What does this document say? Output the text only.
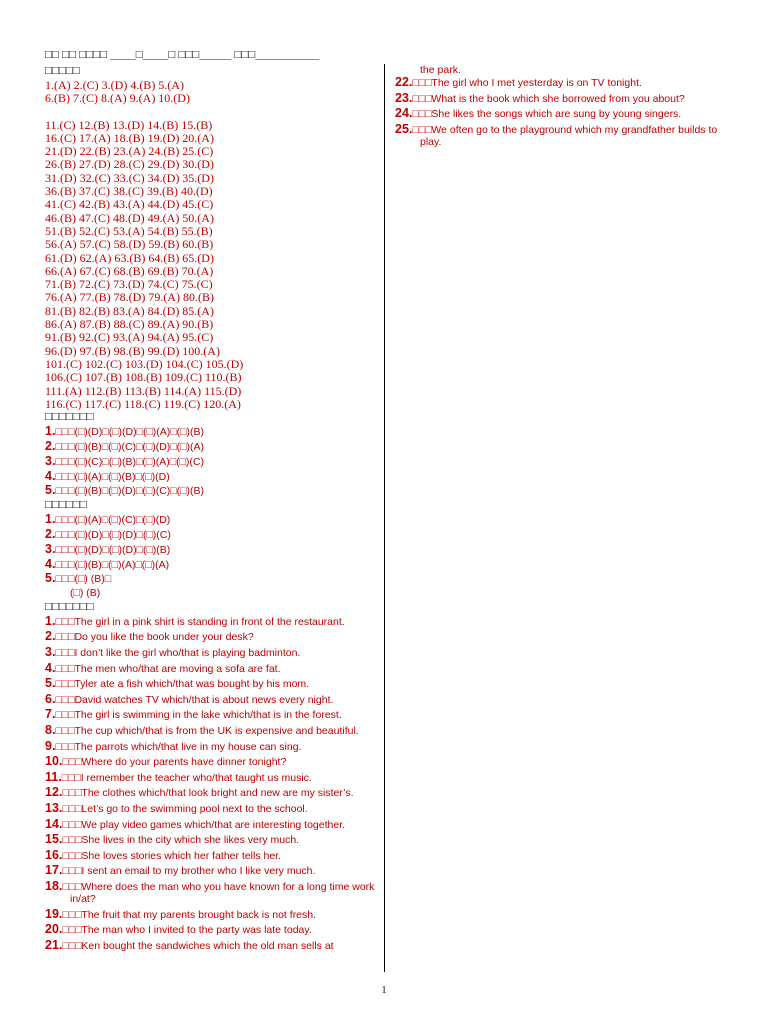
□□ □□ □□□□ ____□____□ □□□_____ □□□__________
□□□□□
1.(A) 2.(C) 3.(D) 4.(B) 5.(A)
6.(B) 7.(C) 8.(A) 9.(A) 10.(D)
11.(C) 12.(B) 13.(D) 14.(B) 15.(B)
16.(C) 17.(A) 18.(B) 19.(D) 20.(A)
21.(D) 22.(B) 23.(A) 24.(B) 25.(C)
26.(B) 27.(D) 28.(C) 29.(D) 30.(D)
31.(D) 32.(C) 33.(C) 34.(D) 35.(D)
36.(B) 37.(C) 38.(C) 39.(B) 40.(D)
41.(C) 42.(B) 43.(A) 44.(D) 45.(C)
46.(B) 47.(C) 48.(D) 49.(A) 50.(A)
51.(B) 52.(C) 53.(A) 54.(B) 55.(B)
56.(A) 57.(C) 58.(D) 59.(B) 60.(B)
61.(D) 62.(A) 63.(B) 64.(B) 65.(D)
66.(A) 67.(C) 68.(B) 69.(B) 70.(A)
71.(B) 72.(C) 73.(D) 74.(C) 75.(C)
76.(A) 77.(B) 78.(D) 79.(A) 80.(B)
81.(B) 82.(B) 83.(A) 84.(D) 85.(A)
86.(A) 87.(B) 88.(C) 89.(A) 90.(B)
91.(B) 92.(C) 93.(A) 94.(A) 95.(C)
96.(D) 97.(B) 98.(B) 99.(D) 100.(A)
101.(C) 102.(C) 103.(D) 104.(C) 105.(D)
106.(C) 107.(B) 108.(B) 109.(C) 110.(B)
111.(A) 112.(B) 113.(B) 114.(A) 115.(D)
116.(C) 117.(C) 118.(C) 119.(C) 120.(A)
□□□□□□□
1.□□□(□)(D)□(□)(D)□(□)(A)□(□)(B)
2.□□□(□)(B)□(□)(C)□(□)(D)□(□)(A)
3.□□□(□)(C)□(□)(B)□(□)(A)□(□)(C)
4.□□□(□)(A)□(□)(B)□(□)(D)
5.□□□(□)(B)□(□)(D)□(□)(C)□(□)(B)
□□□□□□
1.□□□(□)(A)□(□)(C)□(□)(D)
2.□□□(□)(D)□(□)(D)□(□)(C)
3.□□□(□)(D)□(□)(D)□(□)(B)
4.□□□(□)(B)□(□)(A)□(□)(A)
5.□□□(□) (B)□
(□) (B)
□□□□□□□
1.□□□The girl in a pink shirt is standing in front of the restaurant.
2.□□□Do you like the book under your desk?
3.□□□I don’t like the girl who/that is playing badminton.
4.□□□The men who/that are moving a sofa are fat.
5.□□□Tyler ate a fish which/that was bought by his mom.
6.□□□David watches TV which/that is about news every night.
7.□□□The girl is swimming in the lake which/that is in the forest.
8.□□□The cup which/that is from the UK is expensive and beautiful.
9.□□□The parrots which/that live in my house can sing.
10.□□□Where do your parents have dinner tonight?
11.□□□I remember the teacher who/that taught us music.
12.□□□The clothes which/that look bright and new are my sister’s.
13.□□□Let’s go to the swimming pool next to the school.
14.□□□We play video games which/that are interesting together.
15.□□□She lives in the city which she likes very much.
16.□□□She loves stories which her father tells her.
17.□□□I sent an email to my brother who I like very much.
18.□□□Where does the man who you have known for a long time work in/at?
19.□□□The fruit that my parents brought back is not fresh.
20.□□□The man who I invited to the party was late today.
21.□□□Ken bought the sandwiches which the old man sells at
the park.
22.□□□The girl who I met yesterday is on TV tonight.
23.□□□What is the book which she borrowed from you about?
24.□□□She likes the songs which are sung by young singers.
25.□□□We often go to the playground which my grandfather builds to play.
1
